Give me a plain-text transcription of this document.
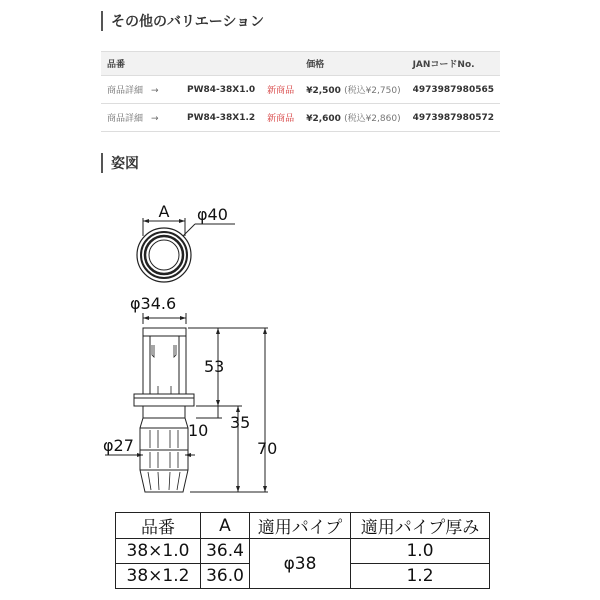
その他のバリエーション
品番			価格	JANコードNo.
商品詳細 →	PW84-38X1.0	新商品	¥2,500 (税込¥2,750)	4973987980565
商品詳細 →	PW84-38X1.2	新商品	¥2,600 (税込¥2,860)	4973987980572
姿図
A φ40
φ34.6
φ27
53
10 35
70
品番	A	適用パイプ	適用パイプ厚み
38×1.0	36.4	φ38	1.0
38×1.2	36.0		1.2
